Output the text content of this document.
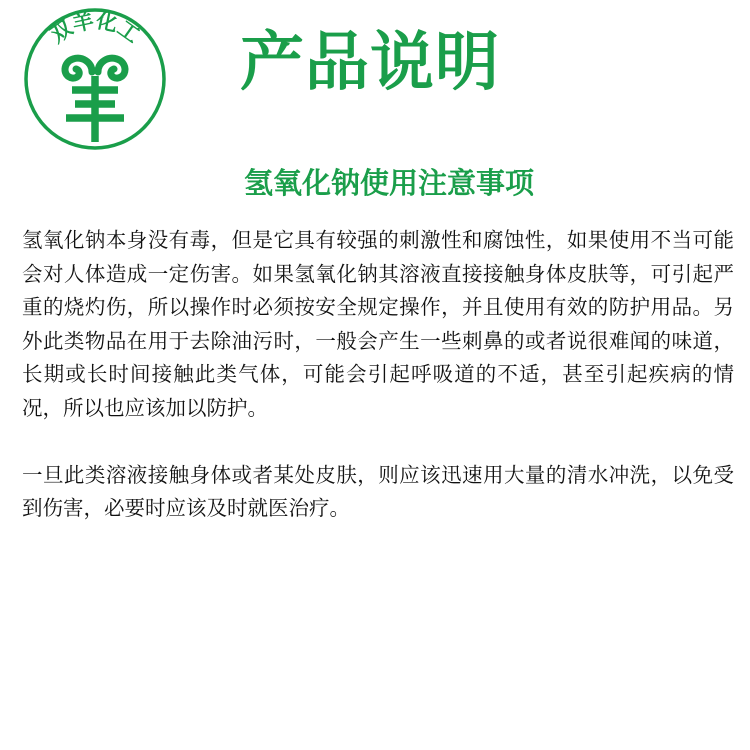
双羊化工 产品说明
氢氧化钠使用注意事项

氢氧化钠本身没有毒，但是它具有较强的刺激性和腐蚀性，如果使用不当可能会对人体造成一定伤害。如果氢氧化钠其溶液直接接触身体皮肤等，可引起严重的烧灼伤，所以操作时必须按安全规定操作，并且使用有效的防护用品。另外此类物品在用于去除油污时，一般会产生一些刺鼻的或者说很难闻的味道，长期或长时间接触此类气体，可能会引起呼吸道的不适，甚至引起疾病的情况，所以也应该加以防护。

一旦此类溶液接触身体或者某处皮肤，则应该迅速用大量的清水冲洗，以免受到伤害，必要时应该及时就医治疗。
